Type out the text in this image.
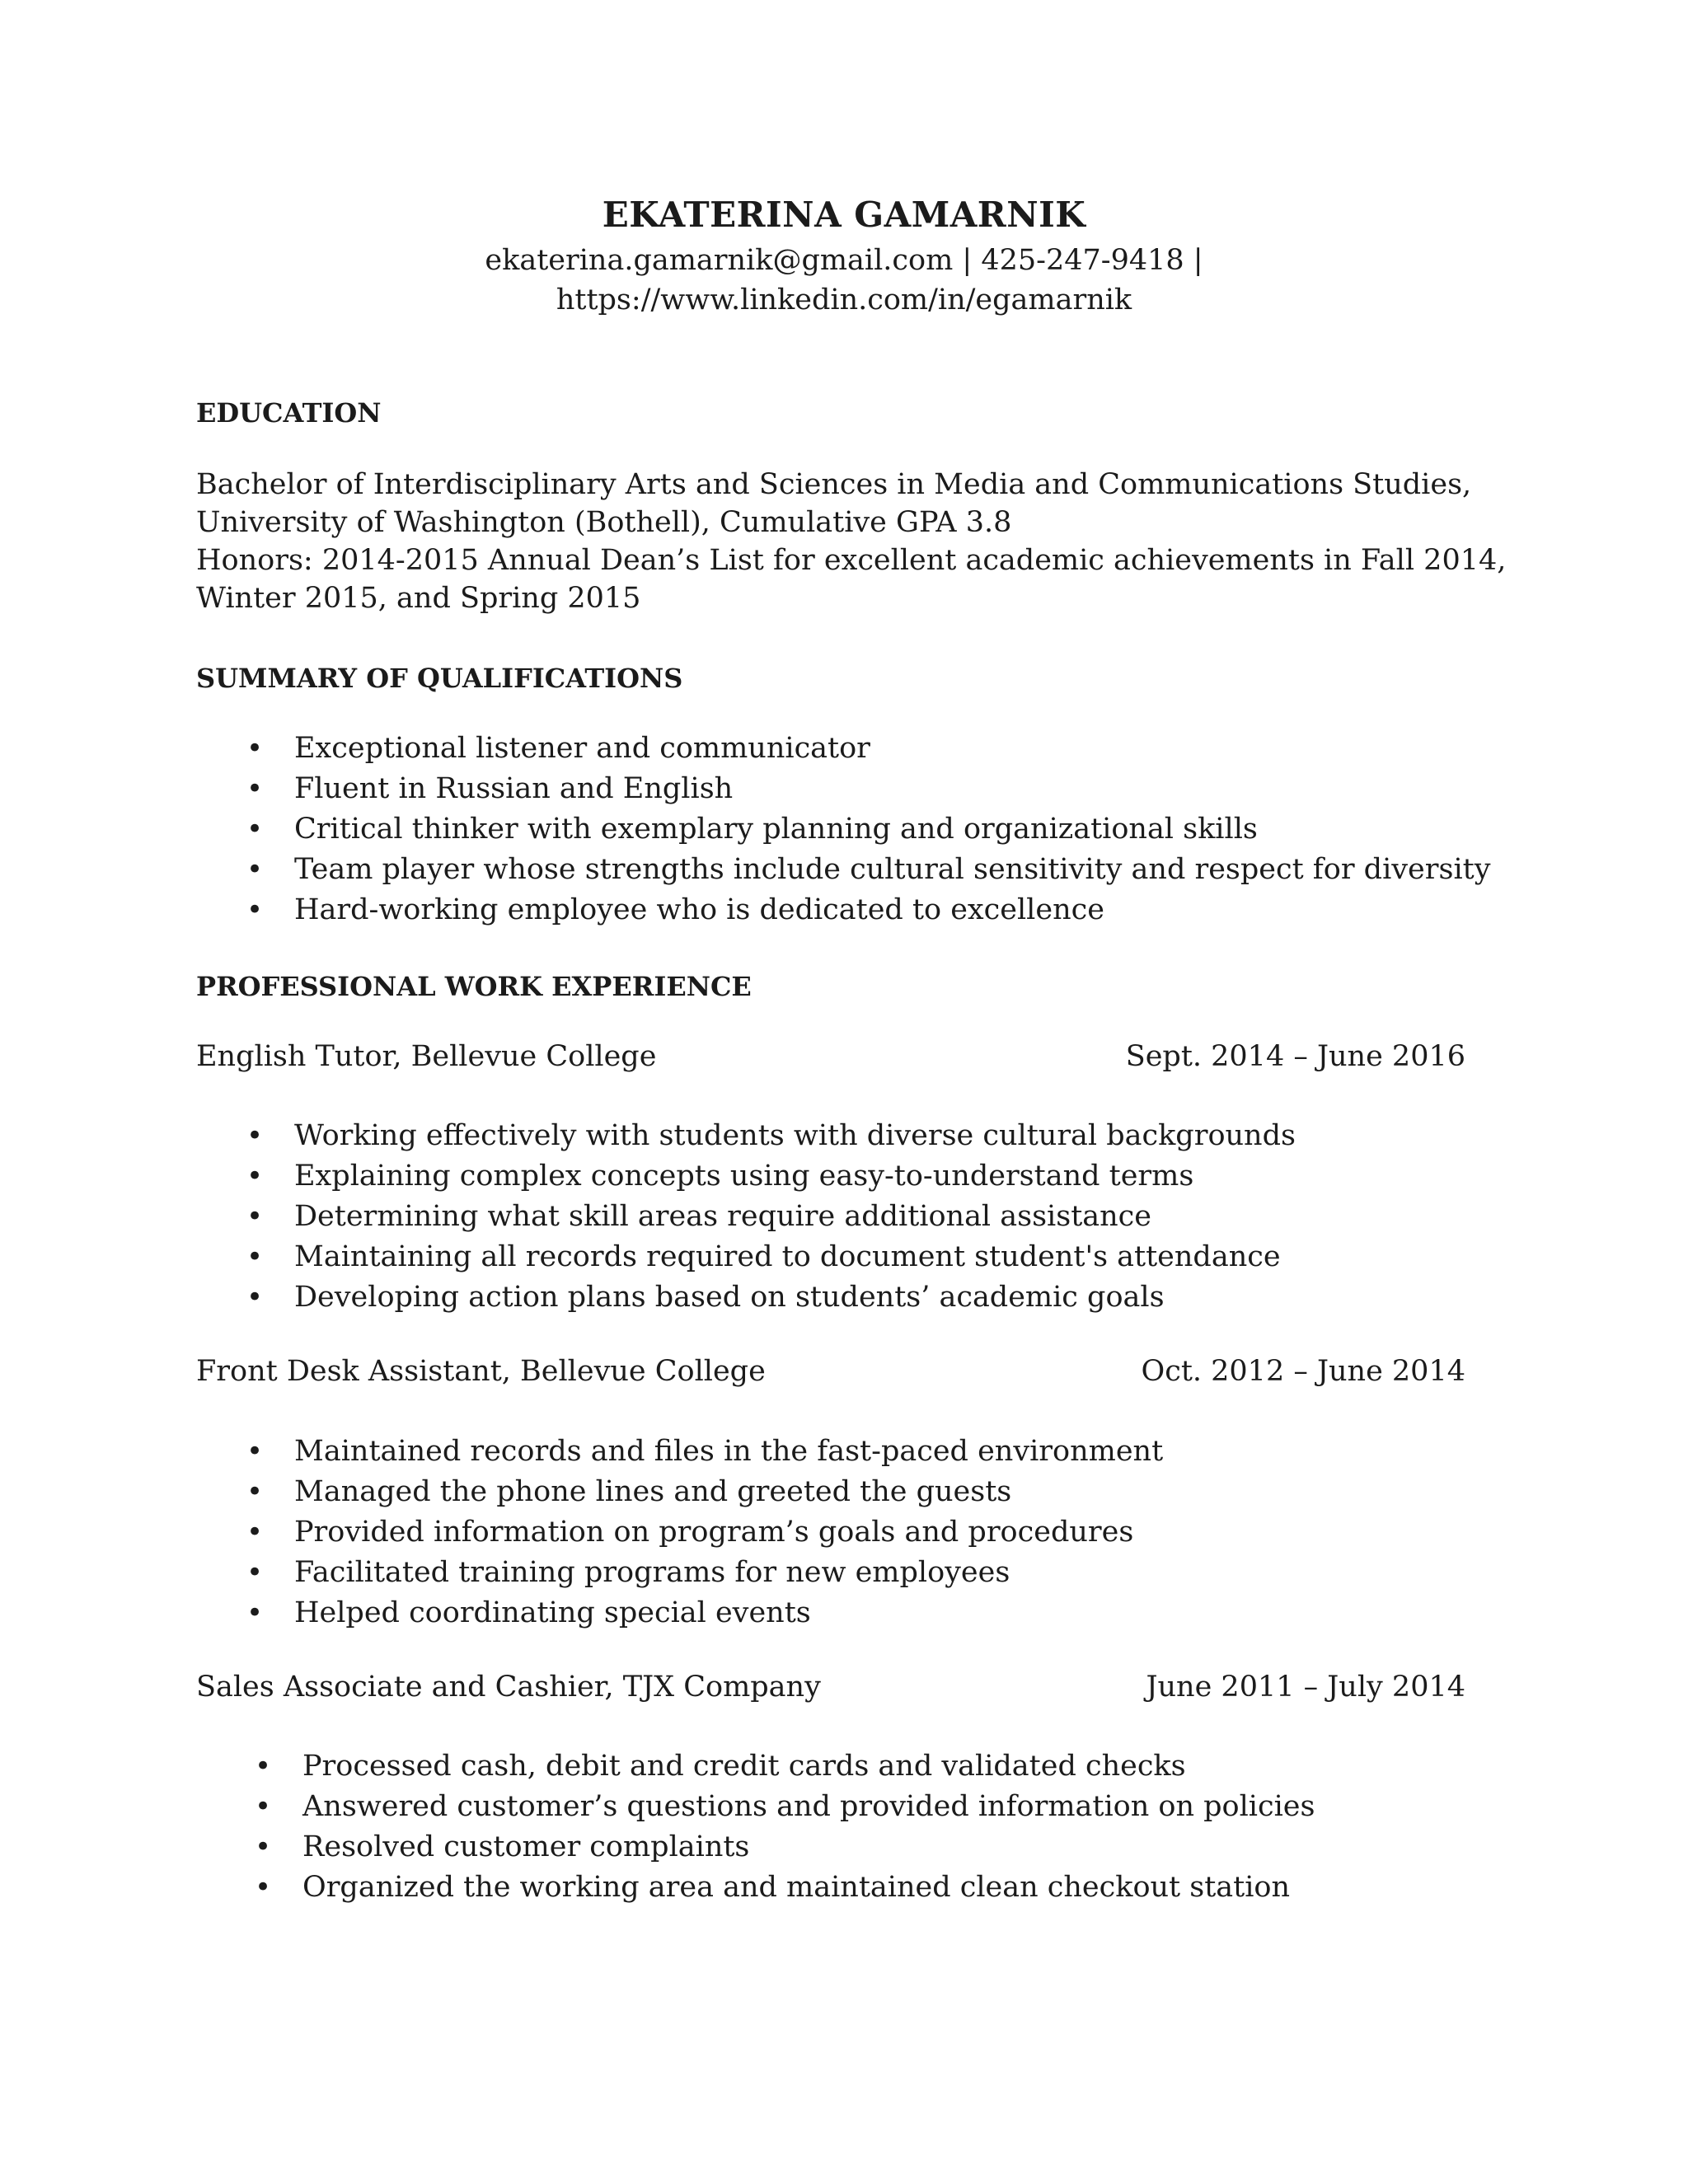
EKATERINA GAMARNIK
ekaterina.gamarnik@gmail.com | 425-247-9418 |
https://www.linkedin.com/in/egamarnik
EDUCATION
Bachelor of Interdisciplinary Arts and Sciences in Media and Communications Studies,
University of Washington (Bothell), Cumulative GPA 3.8
Honors: 2014-2015 Annual Dean’s List for excellent academic achievements in Fall 2014,
Winter 2015, and Spring 2015
SUMMARY OF QUALIFICATIONS
• Exceptional listener and communicator
• Fluent in Russian and English
• Critical thinker with exemplary planning and organizational skills
• Team player whose strengths include cultural sensitivity and respect for diversity
• Hard-working employee who is dedicated to excellence
PROFESSIONAL WORK EXPERIENCE
English Tutor, Bellevue College	Sept. 2014 – June 2016
• Working effectively with students with diverse cultural backgrounds
• Explaining complex concepts using easy-to-understand terms
• Determining what skill areas require additional assistance
• Maintaining all records required to document student's attendance
• Developing action plans based on students’ academic goals
Front Desk Assistant, Bellevue College	Oct. 2012 – June 2014
• Maintained records and files in the fast-paced environment
• Managed the phone lines and greeted the guests
• Provided information on program’s goals and procedures
• Facilitated training programs for new employees
• Helped coordinating special events
Sales Associate and Cashier, TJX Company	June 2011 – July 2014
• Processed cash, debit and credit cards and validated checks
• Answered customer’s questions and provided information on policies
• Resolved customer complaints
• Organized the working area and maintained clean checkout station
